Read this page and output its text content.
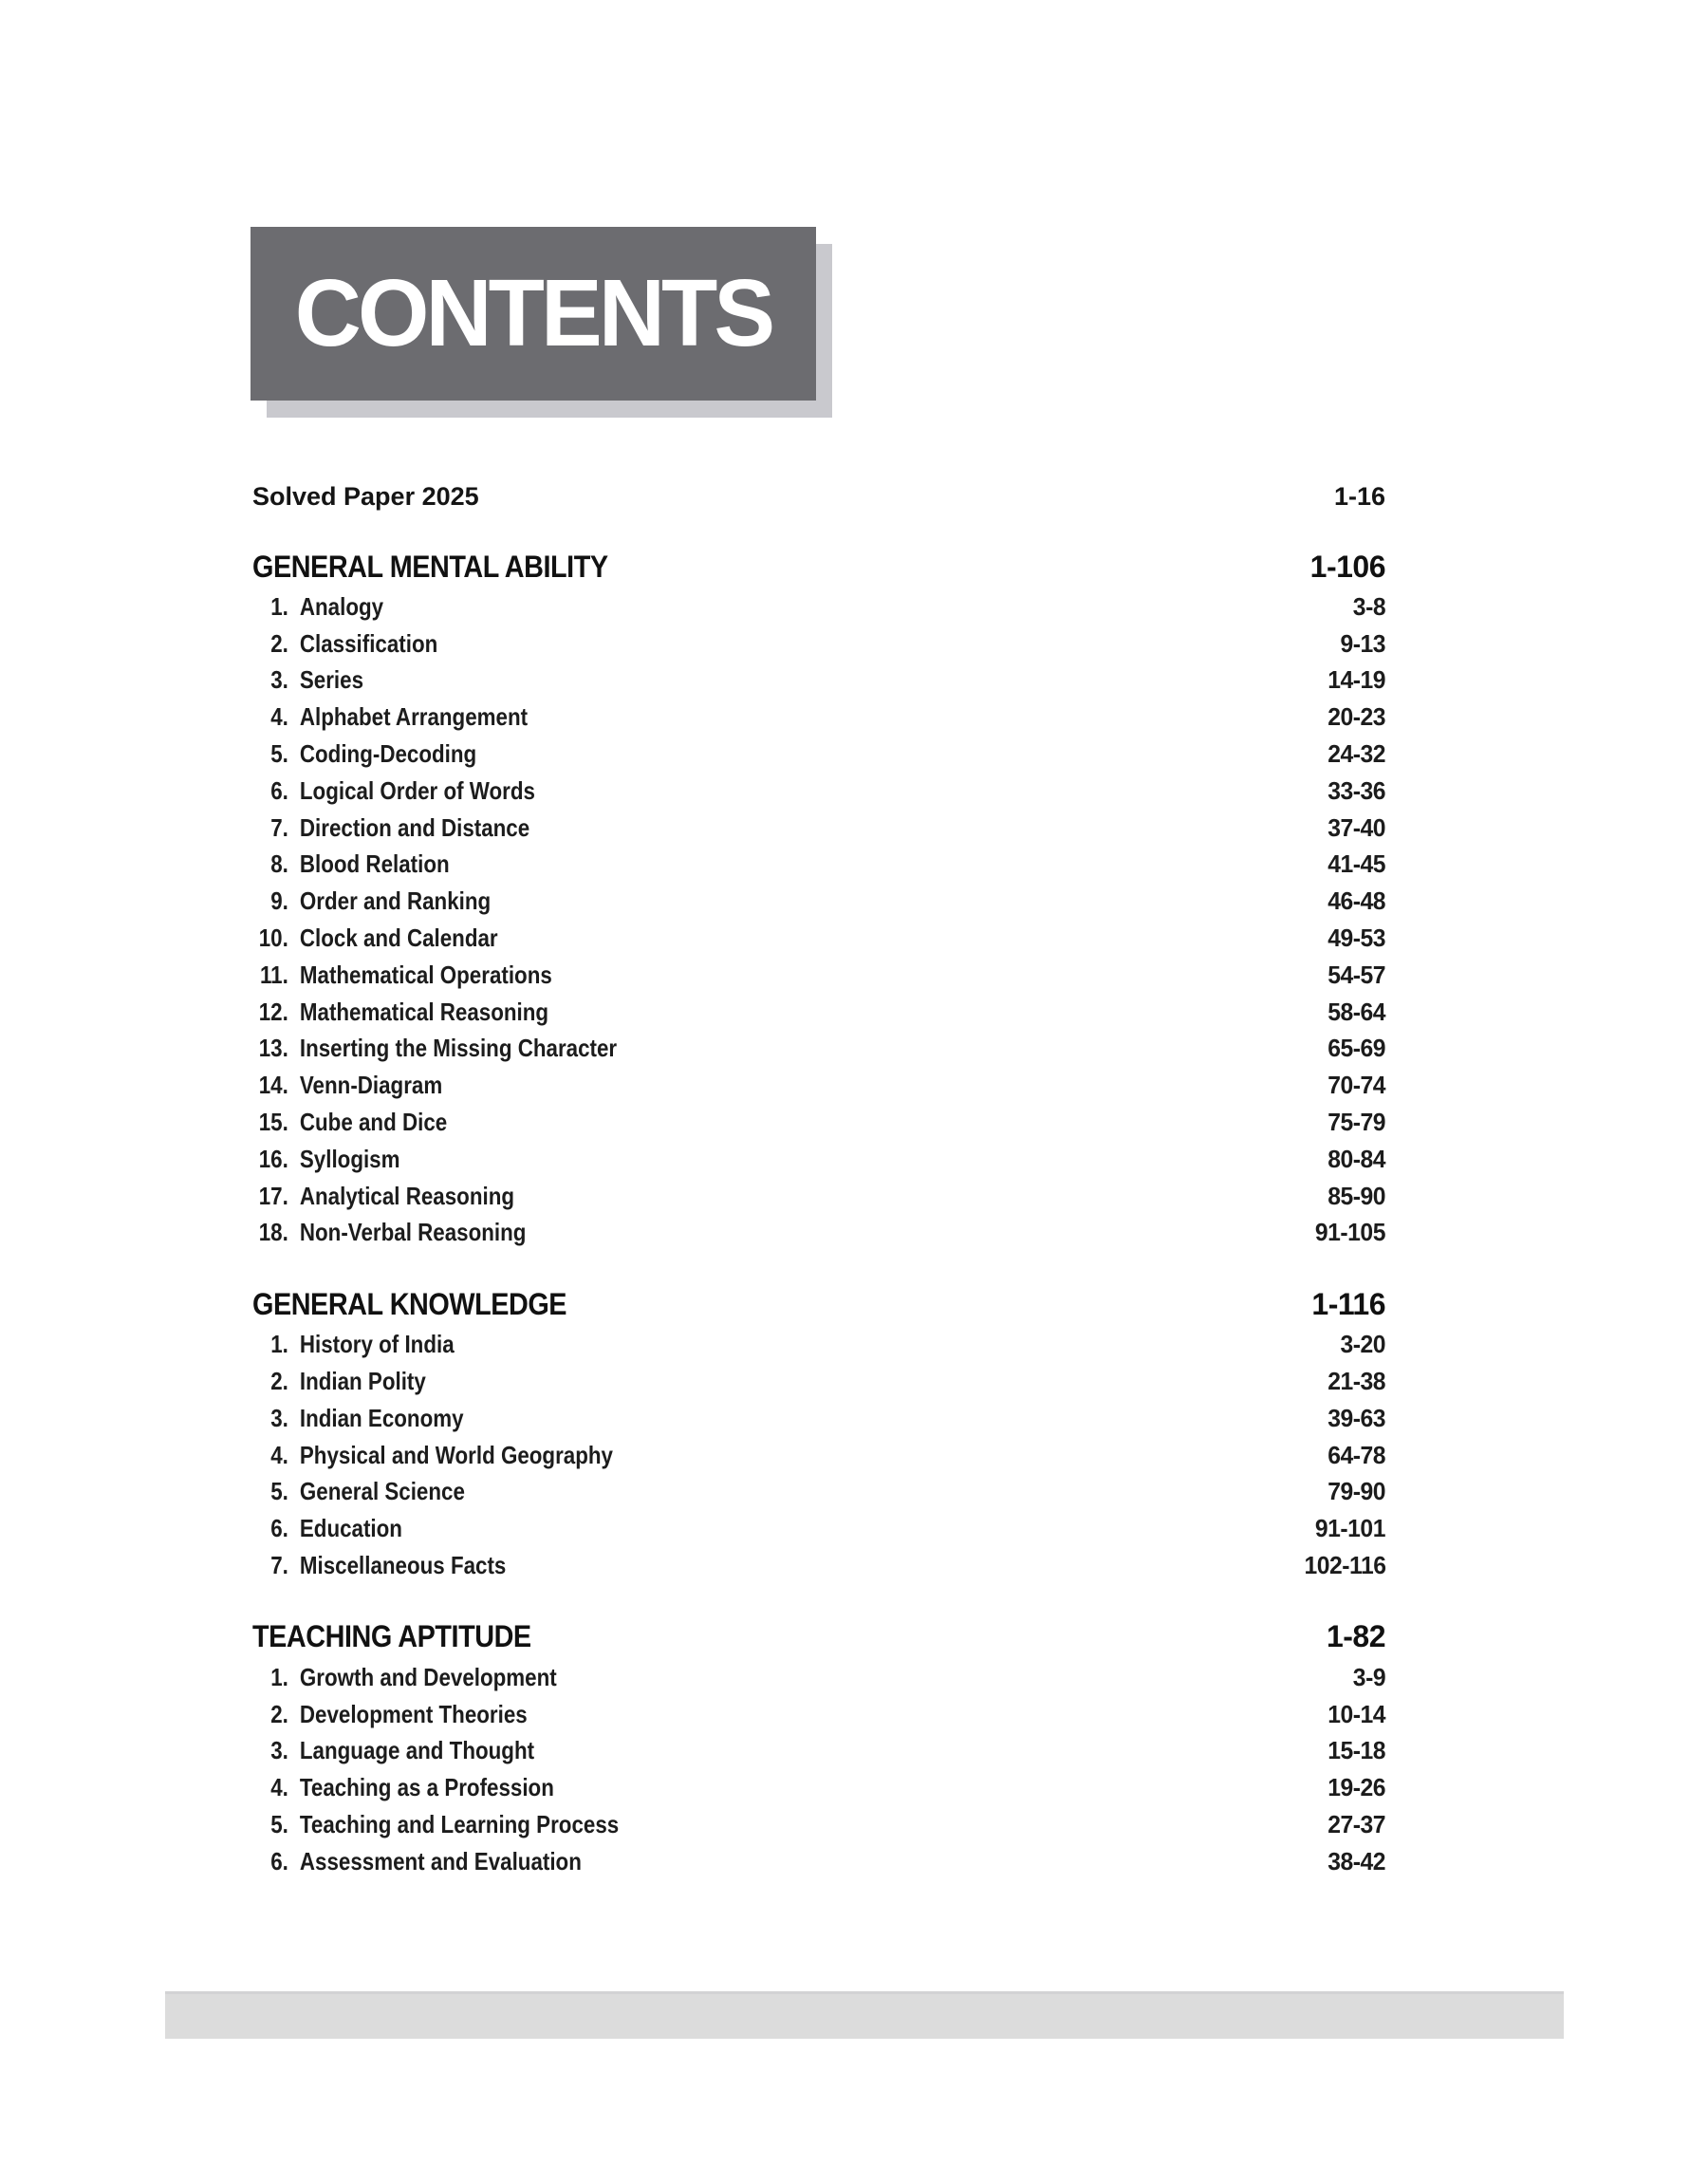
CONTENTS
Solved Paper 2025	1-16
GENERAL MENTAL ABILITY	1-106
1. Analogy	3-8
2. Classification	9-13
3. Series	14-19
4. Alphabet Arrangement	20-23
5. Coding-Decoding	24-32
6. Logical Order of Words	33-36
7. Direction and Distance	37-40
8. Blood Relation	41-45
9. Order and Ranking	46-48
10. Clock and Calendar	49-53
11. Mathematical Operations	54-57
12. Mathematical Reasoning	58-64
13. Inserting the Missing Character	65-69
14. Venn-Diagram	70-74
15. Cube and Dice	75-79
16. Syllogism	80-84
17. Analytical Reasoning	85-90
18. Non-Verbal Reasoning	91-105
GENERAL KNOWLEDGE	1-116
1. History of India	3-20
2. Indian Polity	21-38
3. Indian Economy	39-63
4. Physical and World Geography	64-78
5. General Science	79-90
6. Education	91-101
7. Miscellaneous Facts	102-116
TEACHING APTITUDE	1-82
1. Growth and Development	3-9
2. Development Theories	10-14
3. Language and Thought	15-18
4. Teaching as a Profession	19-26
5. Teaching and Learning Process	27-37
6. Assessment and Evaluation	38-42
